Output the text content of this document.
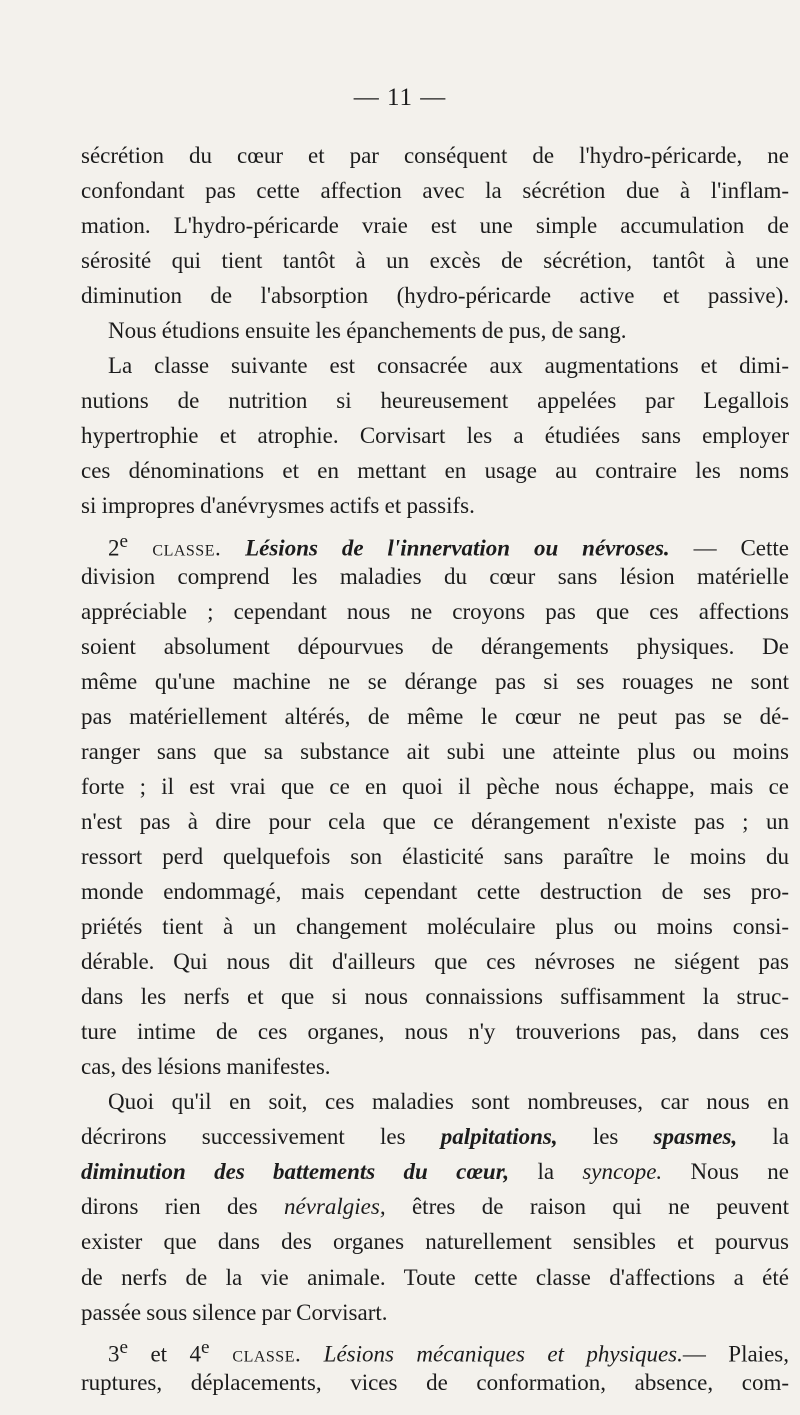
— 11 —
sécrétion du cœur et par conséquent de l'hydro-péricarde, ne
confondant pas cette affection avec la sécrétion due à l'inflam-
mation. L'hydro-péricarde vraie est une simple accumulation de
sérosité qui tient tantôt à un excès de sécrétion, tantôt à une
diminution de l'absorption (hydro-péricarde active et passive).
Nous étudions ensuite les épanchements de pus, de sang.
La classe suivante est consacrée aux augmentations et dimi-
nutions de nutrition si heureusement appelées par Legallois
hypertrophie et atrophie. Corvisart les a étudiées sans employer
ces dénominations et en mettant en usage au contraire les noms
si impropres d'anévrysmes actifs et passifs.
2e classe. Lésions de l'innervation ou névroses. — Cette
division comprend les maladies du cœur sans lésion matérielle
appréciable ; cependant nous ne croyons pas que ces affections
soient absolument dépourvues de dérangements physiques. De
même qu'une machine ne se dérange pas si ses rouages ne sont
pas matériellement altérés, de même le cœur ne peut pas se dé-
ranger sans que sa substance ait subi une atteinte plus ou moins
forte ; il est vrai que ce en quoi il pèche nous échappe, mais ce
n'est pas à dire pour cela que ce dérangement n'existe pas ; un
ressort perd quelquefois son élasticité sans paraître le moins du
monde endommagé, mais cependant cette destruction de ses pro-
priétés tient à un changement moléculaire plus ou moins consi-
dérable. Qui nous dit d'ailleurs que ces névroses ne siégent pas
dans les nerfs et que si nous connaissions suffisamment la struc-
ture intime de ces organes, nous n'y trouverions pas, dans ces
cas, des lésions manifestes.
Quoi qu'il en soit, ces maladies sont nombreuses, car nous en
décrirons successivement les palpitations, les spasmes, la
diminution des battements du cœur, la syncope. Nous ne
dirons rien des névralgies, êtres de raison qui ne peuvent
exister que dans des organes naturellement sensibles et pourvus
de nerfs de la vie animale. Toute cette classe d'affections a été
passée sous silence par Corvisart.
3e et 4e classe. Lésions mécaniques et physiques.— Plaies,
ruptures, déplacements, vices de conformation, absence, com-
